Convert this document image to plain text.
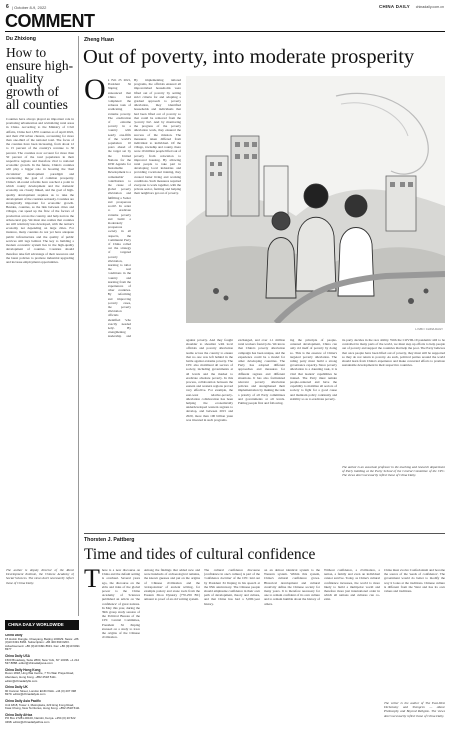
6 | October 8-9, 2022	CHINA DAILY chinadaily.com.cn
COMMENT
Du Zhixiong
How to ensure high-quality growth of all counties
Counties have always played an important role in promoting urbanization and revitalizing rural areas in China. According to the Ministry of Civil Affairs, China had 1,870 counties as of April 2022, and their 250 urban clusters, accounting for more than one-third of the national total. The focus of the counties have been increasing, from about 12 to 15 percent of the country's revenue to 30 percent. The counties now account for more than 50 percent of the total population in their respective regions and therefore vital to national economic growth. In the future, China's counties will play a bigger role in boosting the 'dual circulation' development paradigm and accelerating the goal of common prosperity. China's all-round reforms have reached a point in which county development and the domestic economy are closely linked, and the goal of high-quality development requires us to take the development of the counties seriously. Counties are strategically important for economic growth. Besides, counties, as the link between cities and villages, can speed up the flow of the factors of production across the country, and help narrow the urban-rural gap. We must also realize that counties are still relatively less developed, with the nation's economy not depending on large cities. For instance, many counties do not yet have adequate public infrastructure and the quality of public services still lags behind. The key to building a modern economic system lies in the high-quality development of counties. Counties should therefore take full advantage of their resources and the latest policies to promote industrial upgrading and increase employment opportunities.
The author is deputy director of the Rural Development Institute, the Chinese Academy of Social Sciences. The views don't necessarily reflect those of China Daily.
Zheng Huan
Out of poverty, into moderate prosperity
O n Feb 25 2021, President Xi Jinping announced that China had completed the arduous task of eradicating extreme poverty. The eradication of extreme poverty in a country with nearly one-fifth of the world's population 10 years ahead of the target set by the United Nations for the 2030 Agenda for Sustainable Development is a 'remarkable' contribution to the cause of global poverty alleviation and fulfilling a 'better and prosperous world'. In order to eradicate extreme poverty and build a moderately prosperous society in all respects, the Communist Party of China rolled out the strategy of targeted poverty alleviation, learning to tailor the real conditions in the country and learning from the experiences of other countries. By reforming and improving poverty cases, the poverty alleviation officials identified 'who exactly needed help'. By strengthening leadership and
By implementing tailored programs, the officials ensured all impoverished households were lifted out of poverty by setting strict criteria for and adopting a gradual approach to poverty alleviation, they identified households and individuals that had been lifted out of poverty so that could be removed from the 'poverty list'. And by monitoring the progress of the poverty alleviation work, they ensured the success of the mission. The measures taken differed from individual to individual. Of the village, township and county, there were 10 million people lifted out of poverty from relocation to improved housing. By allowing rural people to take part in developing local industries and providing vocational training, they created better living and working conditions. Such measures required everyone to work together, with the private sector, farming and helping their neighbors get out of poverty.
LI MIN / CHINA DAILY
against poverty. And they fought shoulder to shoulder with local officials and poverty alleviation teams across the country to ensure that no one was left behind in the battle against extreme poverty. The CPC also mobilized all sectors of society, including governments at all levels and the market to eradicate absolute poverty. In this process, collaboration between the eastern and western regions proved very effective. For example, the east-west relative-poverty-alleviation collaboration has been helping the economically underdeveloped western regions to develop, and between 2015 and 2020, more than 100 billion yuan was invested in such programs.
exchanged, and over 1.1 million rural workers found jobs. We know that China's poverty alleviation campaign has been unique, and the experience could be a model for other developing countries. The Party has adopted different approaches and measures for different regions and different situations. It has also formulated relevant poverty alleviation policies and strengthened their implementation by making the task a priority of all Party committees and governments at all levels. Putting people first and following.
ing the principle of people-centered development, China can only rid itself of poverty by doing so. This is the essence of China's targeted poverty alleviation. The ruling party must build a strong governance capacity. Since poverty alleviation is a daunting task, it is vital that leaders' capabilities be trained. The Party must remain people-centered and have the capability to mobilize all sectors of society to fight for a good cause and maintain policy continuity and stability so as to eradicate poverty.
tia party decides in the race ability. With the COVID-19 pandemic still to be controlled in many parts of the world, we must step up efforts to help people out of poverty and support the countries that help the poor. The Party believes that once people have been lifted out of poverty, they must still be supported so they do not return to poverty. As such, political parties around the world should learn from China's experience and make concerted efforts to promote sustainable development in their respective countries.
The author is an associate professor in the teaching and research department of Party building at the Party School of the Central Committee of the CPC. The views don't necessarily reflect those of China Daily.
Thorsten J. Pattberg
Time and tides of cultural confidence
T here is a new discourse on China and the default setting is overhaul. Several years ago, the discourse on the ebbs and tides of the global power to the China Academy of Sciences published an article on 'the confidence' of great nations. In May this year, during the 39th group study session of the Political Bureau of the CPC Central Committee, President Xi Jinping stressed on a study to trace the origins of the Chinese civilization.
Among the findings that added new and were hundreds of archaeological remains, the known guesses and put on the origins of Chinese civilization and the 'extrapolation' of ancient writing, for example pottery and stone tools from the Eastern Zhou Dynasty (770-256 BC) amount to proof of an old writing system.
The cultural confidence discourse (confidence in one's culture) is part of the 'confidence doctrine' of the CPC laid out by President Xi Jinping in his speech at the 95th anniversary. The Chinese people should emphasize confidence in their own path of development, theory and culture, and that China has had a 5,000-year history.
on an almost identical system to the Western system. Within this system, China's cultural confidence grows. Historical development and cultural creativity define the Chinese society for many years. It is therefore necessary for one to remain confident of its own culture and to remain humble about the history of others.
Without confidence, a civilization, a nation, a family and even an individual cannot survive. Today, as China's cultural confidence increases, the world is more likely to build a multipolar world and therefore more just international order in which all nations and cultures can co-exist.
China must evolve Confucianism and become the source of the 'seeds of confidence'. The government would do better to modify the way it looks at the traditions. Chinese culture is different from the West and has its own values and traditions.
The writer is the author of The East-West Dichotomy and Shengren — Above Philosophy and Beyond Religion. The views don't necessarily reflect those of China Daily.
CHINA DAILY WORLDWIDE
China Daily
15 Huixin Dongjie, Chaoyang, Beijing 100029. News: +86 (0)10 6491 8366. Subscription: +86 400 699 0203. Advertisement: +86 (0)10 6491 8631. Fax: +86 (0)10 6491 8377
China Daily USA
1500 Broadway, Suite 2800, New York, NY 10036. +1 212 537 8888. editor@chinadailyusa.com
China Daily Hong Kong
Room 1818, Hing Wai Centre, 7 Tin Wan Praya Road, Aberdeen, Hong Kong. +852 2518 5111. editor@chinadailyhk.com
China Daily UK
90 Cannon Street, London EC4N 6HA. +44 (0) 207 398 8270. editor@chinadailyuk.com
China Daily Asia Pacific
Unit 1818, Tower 1, Metroplaza, 223 Hing Fong Road, Kwai Chung, New Territories, Hong Kong. +852 2518 5111
China Daily Africa
PO Box 27281-00100, Nairobi, Kenya. +254 (0) 20 522 3498. editor@chinadailyafrica.com
